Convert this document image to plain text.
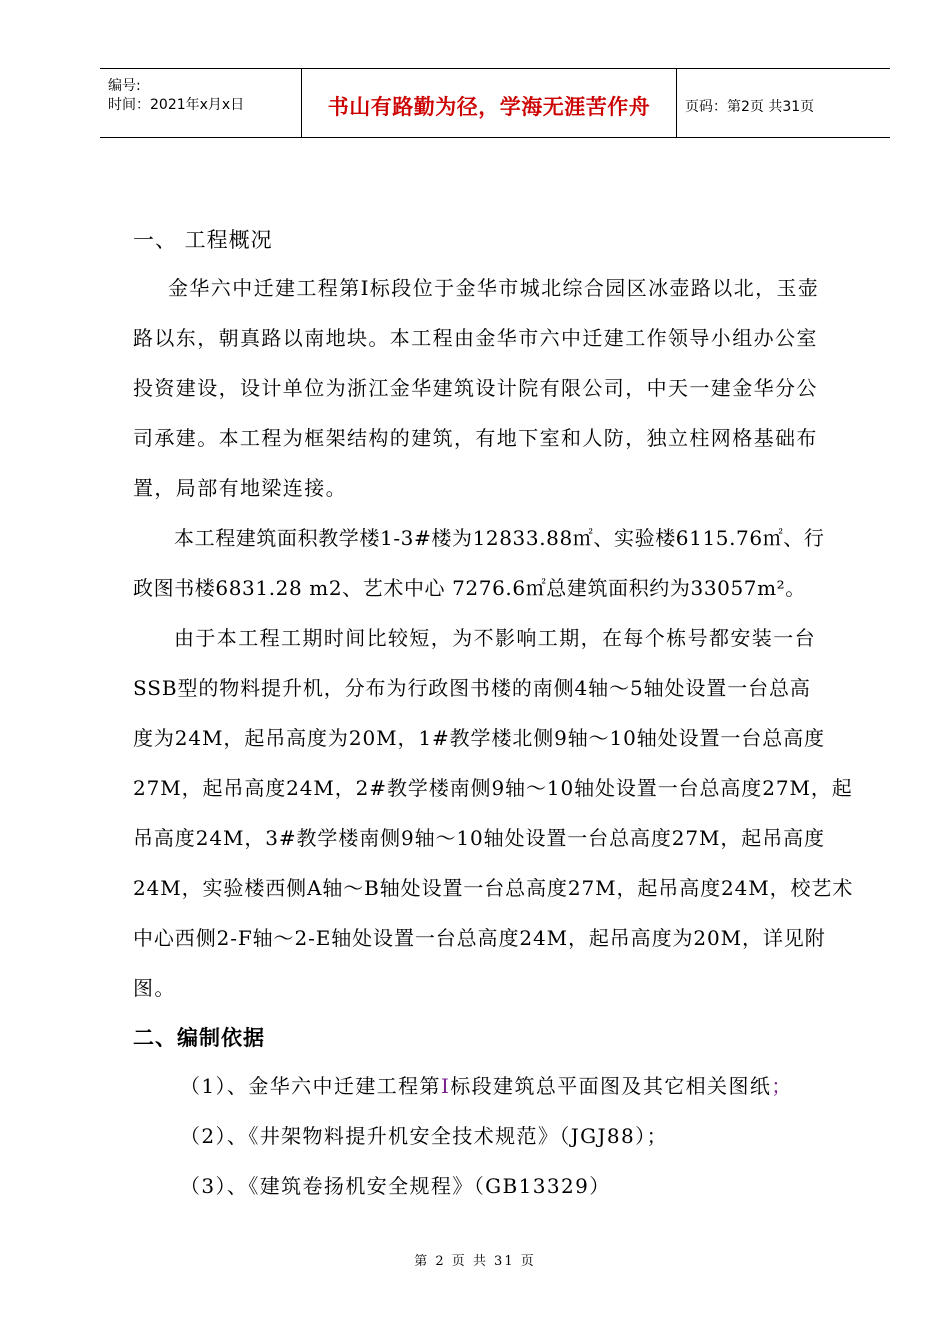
编号:
时间：2021年x月x日	书山有路勤为径，学海无涯苦作舟	页码：第2页 共31页
一、 工程概况
金华六中迁建工程第Ⅰ标段位于金华市城北综合园区冰壶路以北，玉壶
路以东，朝真路以南地块。本工程由金华市六中迁建工作领导小组办公室
投资建设，设计单位为浙江金华建筑设计院有限公司，中天一建金华分公
司承建。本工程为框架结构的建筑，有地下室和人防，独立柱网格基础布
置，局部有地梁连接。
本工程建筑面积教学楼1-3#楼为12833.88㎡、实验楼6115.76㎡、行
政图书楼6831.28 m2、艺术中心 7276.6㎡总建筑面积约为33057m²。
由于本工程工期时间比较短，为不影响工期，在每个栋号都安装一台
SSB型的物料提升机，分布为行政图书楼的南侧4轴～5轴处设置一台总高
度为24M，起吊高度为20M，1#教学楼北侧9轴～10轴处设置一台总高度
27M，起吊高度24M，2#教学楼南侧9轴～10轴处设置一台总高度27M，起
吊高度24M，3#教学楼南侧9轴～10轴处设置一台总高度27M，起吊高度
24M，实验楼西侧A轴～B轴处设置一台总高度27M，起吊高度24M，校艺术
中心西侧2-F轴～2-E轴处设置一台总高度24M，起吊高度为20M，详见附
图。
二、编制依据
（1）、金华六中迁建工程第Ⅰ标段建筑总平面图及其它相关图纸；
（2）、《井架物料提升机安全技术规范》（JGJ88）；
（3）、《建筑卷扬机安全规程》（GB13329）
第 2 页 共 31 页
